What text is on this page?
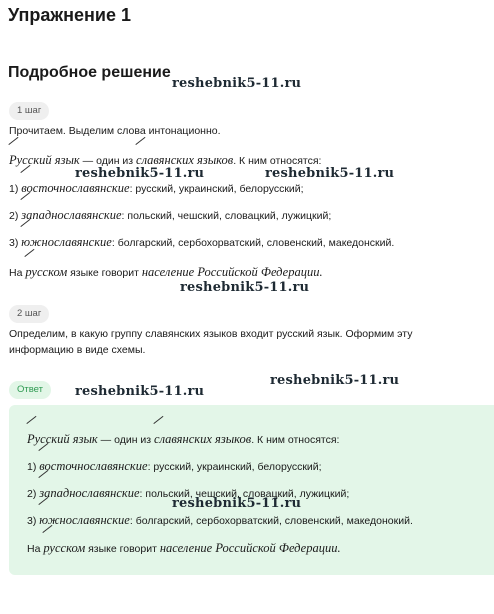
Упражнение 1
Подробное решение
1 шаг
Прочитаем. Выделим слова интонационно.
Русский язык — один из славянских языков. К ним относятся:
1) восточнославянские: русский, украинский, белорусский;
2) западнославянские: польский, чешский, словацкий, лужицкий;
3) южнославянские: болгарский, сербохорватский, словенский, македонский.
На русском языке говорит население Российской Федерации.
2 шаг
Определим, в какую группу славянских языков входит русский язык. Оформим эту
информацию в виде схемы.
Ответ
Русский язык — один из славянских языков. К ним относятся:
1) восточнославянские: русский, украинский, белорусский;
2) западнославянские: польский, чешский, словацкий, лужицкий;
3) южнославянские: болгарский, сербохорватский, словенский, македонокий.
На русском языке говорит население Российской Федерации.
reshebnik5-11.ru
reshebnik5-11.ru	reshebnik5-11.ru
reshebnik5-11.ru
reshebnik5-11.ru
reshebnik5-11.ru
reshebnik5-11.ru
